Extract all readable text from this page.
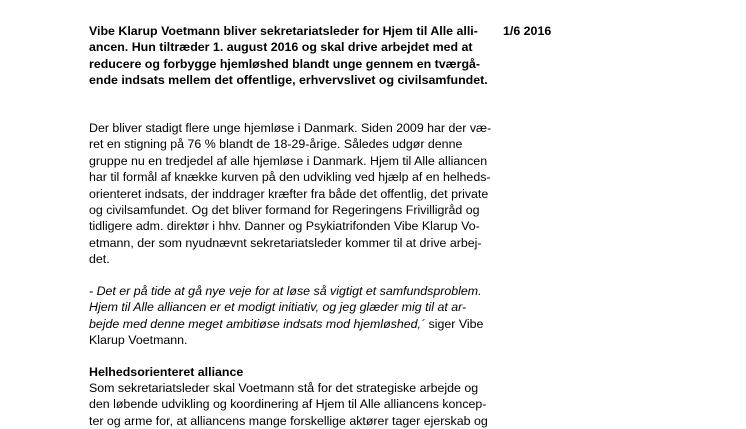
Vibe Klarup Voetmann bliver sekretariatsleder for Hjem til Alle alli-
ancen. Hun tiltræder 1. august 2016 og skal drive arbejdet med at
reducere og forbygge hjemløshed blandt unge gennem en tværgå-
ende indsats mellem det offentlige, erhvervslivet og civilsamfundet.
1/6 2016
Der bliver stadigt flere unge hjemløse i Danmark. Siden 2009 har der væ-
ret en stigning på 76 % blandt de 18-29-årige. Således udgør denne
gruppe nu en tredjedel af alle hjemløse i Danmark. Hjem til Alle alliancen
har til formål af knække kurven på den udvikling ved hjælp af en helheds-
orienteret indsats, der inddrager kræfter fra både det offentlig, det private
og civilsamfundet. Og det bliver formand for Regeringens Frivilligråd og
tidligere adm. direktør i hhv. Danner og Psykiatrifonden Vibe Klarup Vo-
etmann, der som nyudnævnt sekretariatsleder kommer til at drive arbej-
det.
- Det er på tide at gå nye veje for at løse så vigtigt et samfundsproblem.
Hjem til Alle alliancen er et modigt initiativ, og jeg glæder mig til at ar-
bejde med denne meget ambitiøse indsats mod hjemløshed,´ siger Vibe
Klarup Voetmann.
Helhedsorienteret alliance
Som sekretariatsleder skal Voetmann stå for det strategiske arbejde og
den løbende udvikling og koordinering af Hjem til Alle alliancens koncep-
ter og arme for, at alliancens mange forskellige aktører tager ejerskab og
